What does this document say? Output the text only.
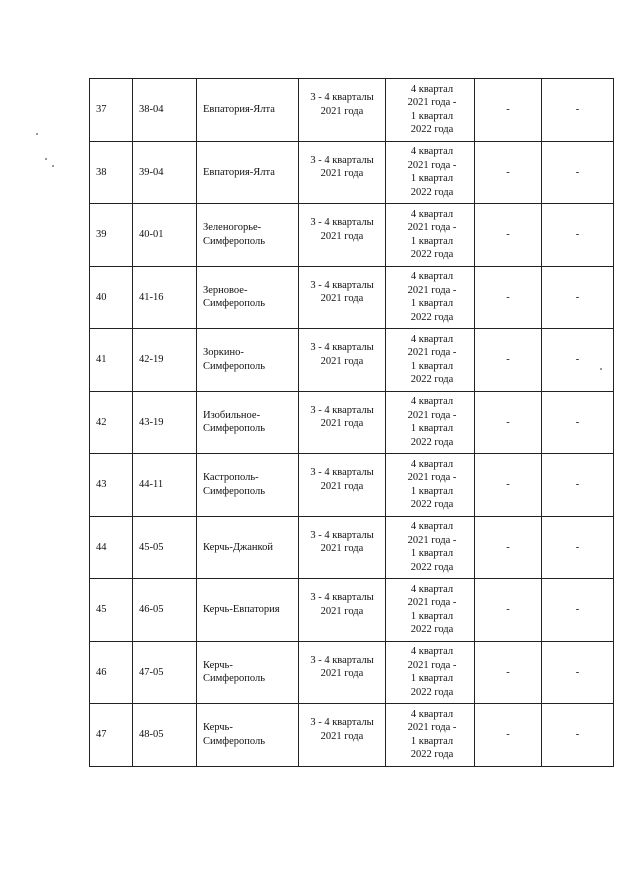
37	38-04	Евпатория-Ялта	3 - 4 кварталы
2021 года	4 квартал
2021 года -
1 квартал
2022 года	-	-

38	39-04	Евпатория-Ялта	3 - 4 кварталы
2021 года	4 квартал
2021 года -
1 квартал
2022 года	-	-

39	40-01	Зеленогорье-
Симферополь	3 - 4 кварталы
2021 года	4 квартал
2021 года -
1 квартал
2022 года	-	-

40	41-16	Зерновое-
Симферополь	3 - 4 кварталы
2021 года	4 квартал
2021 года -
1 квартал
2022 года	-	-

41	42-19	Зоркино-
Симферополь	3 - 4 кварталы
2021 года	4 квартал
2021 года -
1 квартал
2022 года	-	-

42	43-19	Изобильное-
Симферополь	3 - 4 кварталы
2021 года	4 квартал
2021 года -
1 квартал
2022 года	-	-

43	44-11	Кастрополь-
Симферополь	3 - 4 кварталы
2021 года	4 квартал
2021 года -
1 квартал
2022 года	-	-

44	45-05	Керчь-Джанкой	3 - 4 кварталы
2021 года	4 квартал
2021 года -
1 квартал
2022 года	-	-

45	46-05	Керчь-Евпатория	3 - 4 кварталы
2021 года	4 квартал
2021 года -
1 квартал
2022 года	-	-

46	47-05	Керчь-
Симферополь	3 - 4 кварталы
2021 года	4 квартал
2021 года -
1 квартал
2022 года	-	-

47	48-05	Керчь-
Симферополь	3 - 4 кварталы
2021 года	4 квартал
2021 года -
1 квартал
2022 года	-	-
